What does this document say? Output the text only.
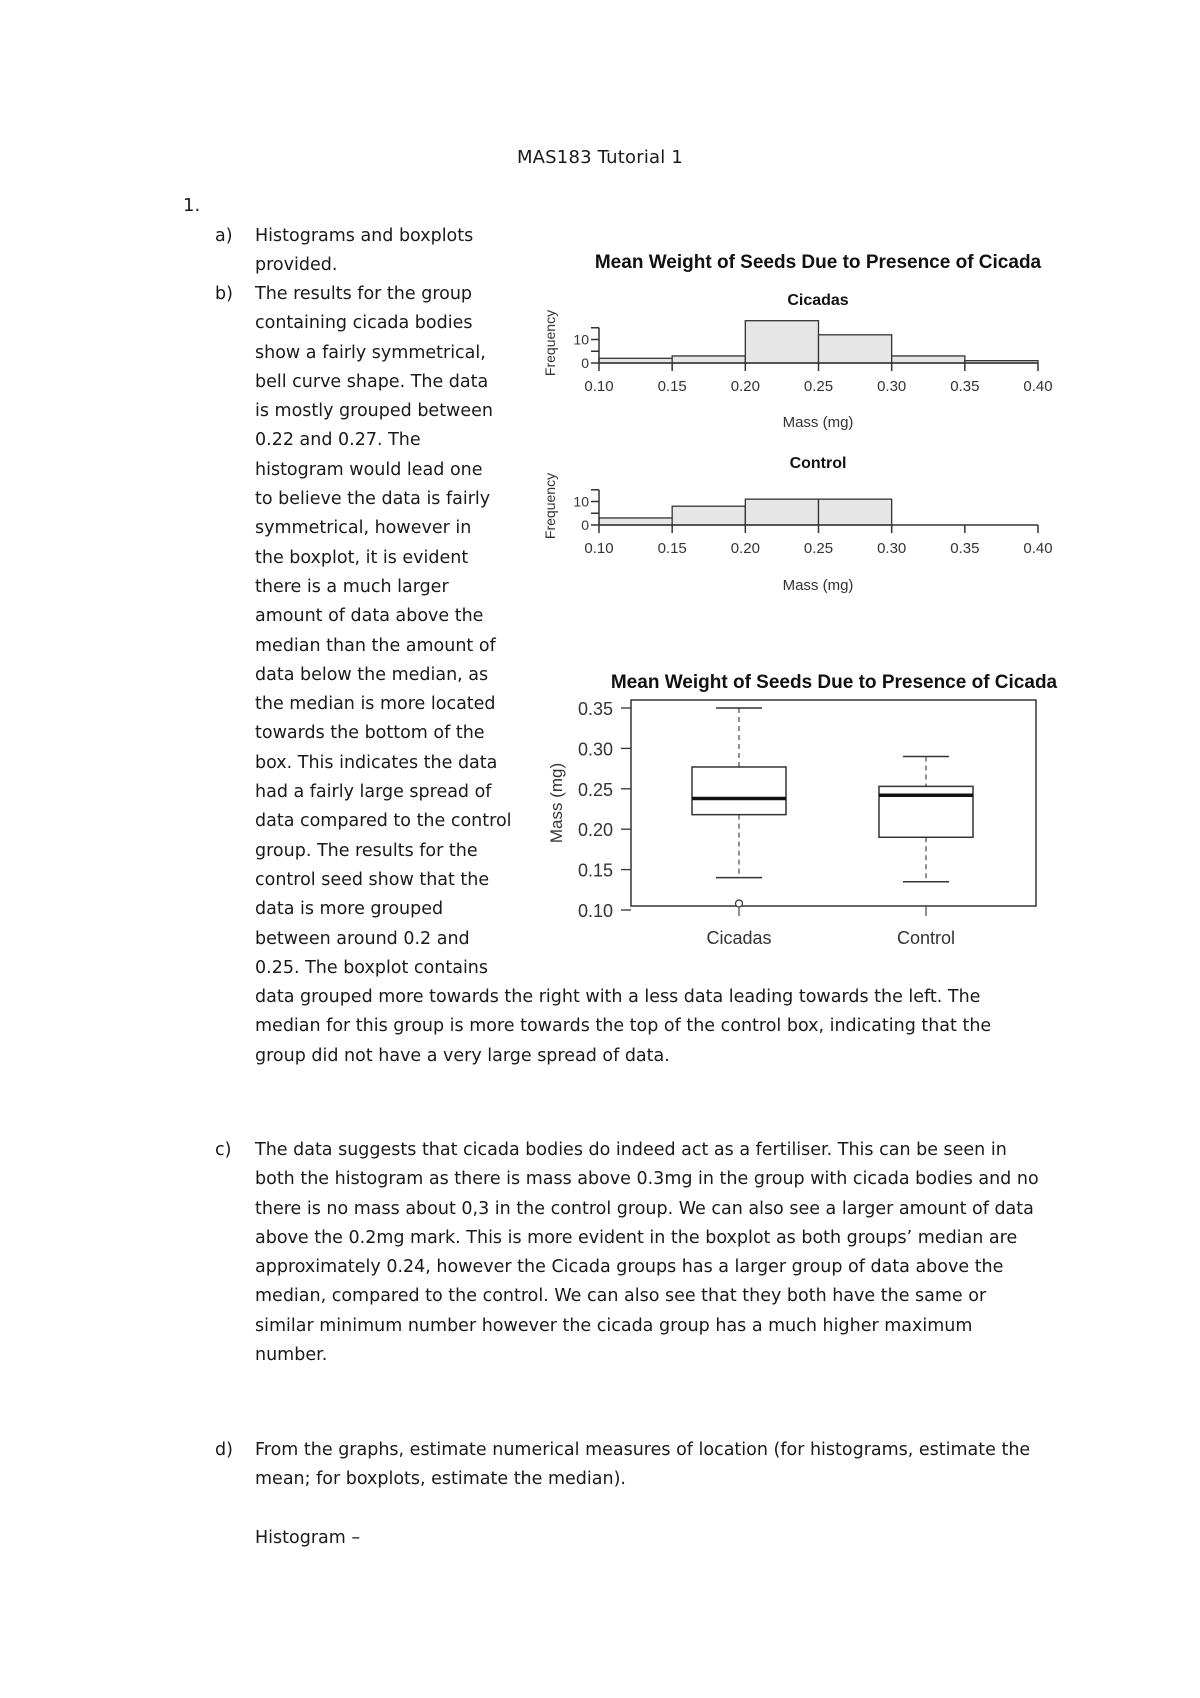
MAS183 Tutorial 1
1.
a) Histograms and boxplots
provided.
b) The results for the group
containing cicada bodies
show a fairly symmetrical,
bell curve shape. The data
is mostly grouped between
0.22 and 0.27. The
histogram would lead one
to believe the data is fairly
symmetrical, however in
the boxplot, it is evident
there is a much larger
amount of data above the
median than the amount of
data below the median, as
the median is more located
towards the bottom of the
box. This indicates the data
had a fairly large spread of
data compared to the control
group. The results for the
control seed show that the
data is more grouped
between around 0.2 and
0.25. The boxplot contains
data grouped more towards the right with a less data leading towards the left. The
median for this group is more towards the top of the control box, indicating that the
group did not have a very large spread of data.
c) The data suggests that cicada bodies do indeed act as a fertiliser. This can be seen in
both the histogram as there is mass above 0.3mg in the group with cicada bodies and no
there is no mass about 0,3 in the control group. We can also see a larger amount of data
above the 0.2mg mark. This is more evident in the boxplot as both groups’ median are
approximately 0.24, however the Cicada groups has a larger group of data above the
median, compared to the control. We can also see that they both have the same or
similar minimum number however the cicada group has a much higher maximum
number.
d) From the graphs, estimate numerical measures of location (for histograms, estimate the
mean; for boxplots, estimate the median).
Histogram –
Mean Weight of Seeds Due to Presence of Cicada
Cicadas
0.10	0.15	0.20	0.25	0.30	0.35	0.40
0
10
Frequency
Mass (mg)
Control
0.10	0.15	0.20	0.25	0.30	0.35	0.40
0
10
Frequency
Mass (mg)
Mean Weight of Seeds Due to Presence of Cicada
0.10
0.15
0.20
0.25
0.30
0.35
Cicadas	Control
Mass (mg)
